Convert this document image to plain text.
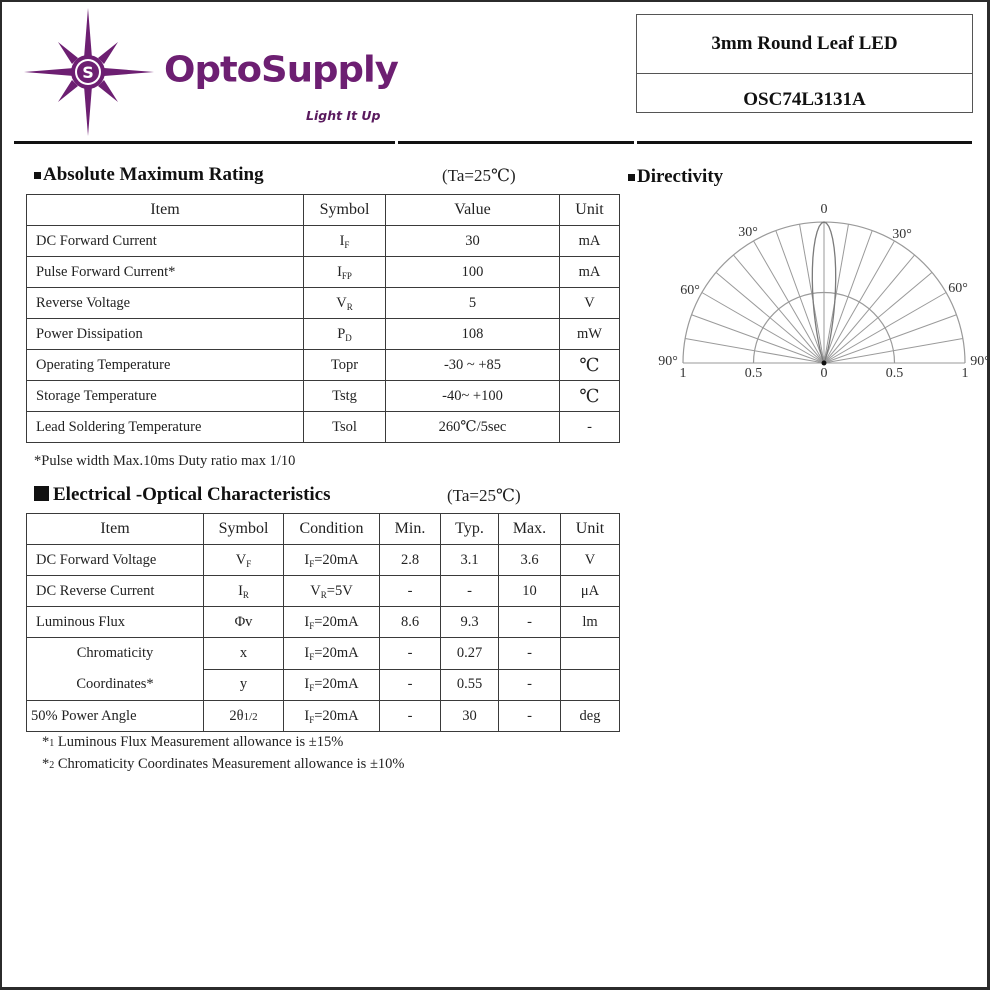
S OptoSupply
Light It Up
3mm Round Leaf LED
OSC74L3131A
Absolute Maximum Rating	(Ta=25℃)
Item	Symbol	Value	Unit
DC Forward Current	$I_F$	30	mA
Pulse Forward Current*	$I_{FP}$	100	mA
Reverse Voltage	$V_R$	5	V
Power Dissipation	$P_D$	108	mW
Operating Temperature	Topr	-30 ~ +85	℃
Storage Temperature	Tstg	-40~ +100	℃
Lead Soldering Temperature	Tsol	260℃/5sec	-
*Pulse width Max.10ms Duty ratio max 1/10
Electrical -Optical Characteristics	(Ta=25℃)
Item	Symbol	Condition	Min.	Typ.	Max.	Unit
DC Forward Voltage	$V_F$	$I_F=20mA$	2.8	3.1	3.6	V
DC Reverse Current	$I_R$	$V_R=5V$	-	-	10	μA
Luminous Flux	Φv	$I_F=20mA$	8.6	9.3	-	lm

Chromaticity
Coordinates*	x	$I_F=20mA$	-	0.27	-	
	y	$I_F=20mA$	-	0.55	-	
50% Power Angle	2θ1/2	$I_F=20mA$	-	30	-	deg
*1 Luminous Flux Measurement allowance is ±15%
*2 Chromaticity Coordinates Measurement allowance is ±10%
Directivity
0
30°	30°
60°	60°
90°	90°
1	0.5	0	0.5	1
